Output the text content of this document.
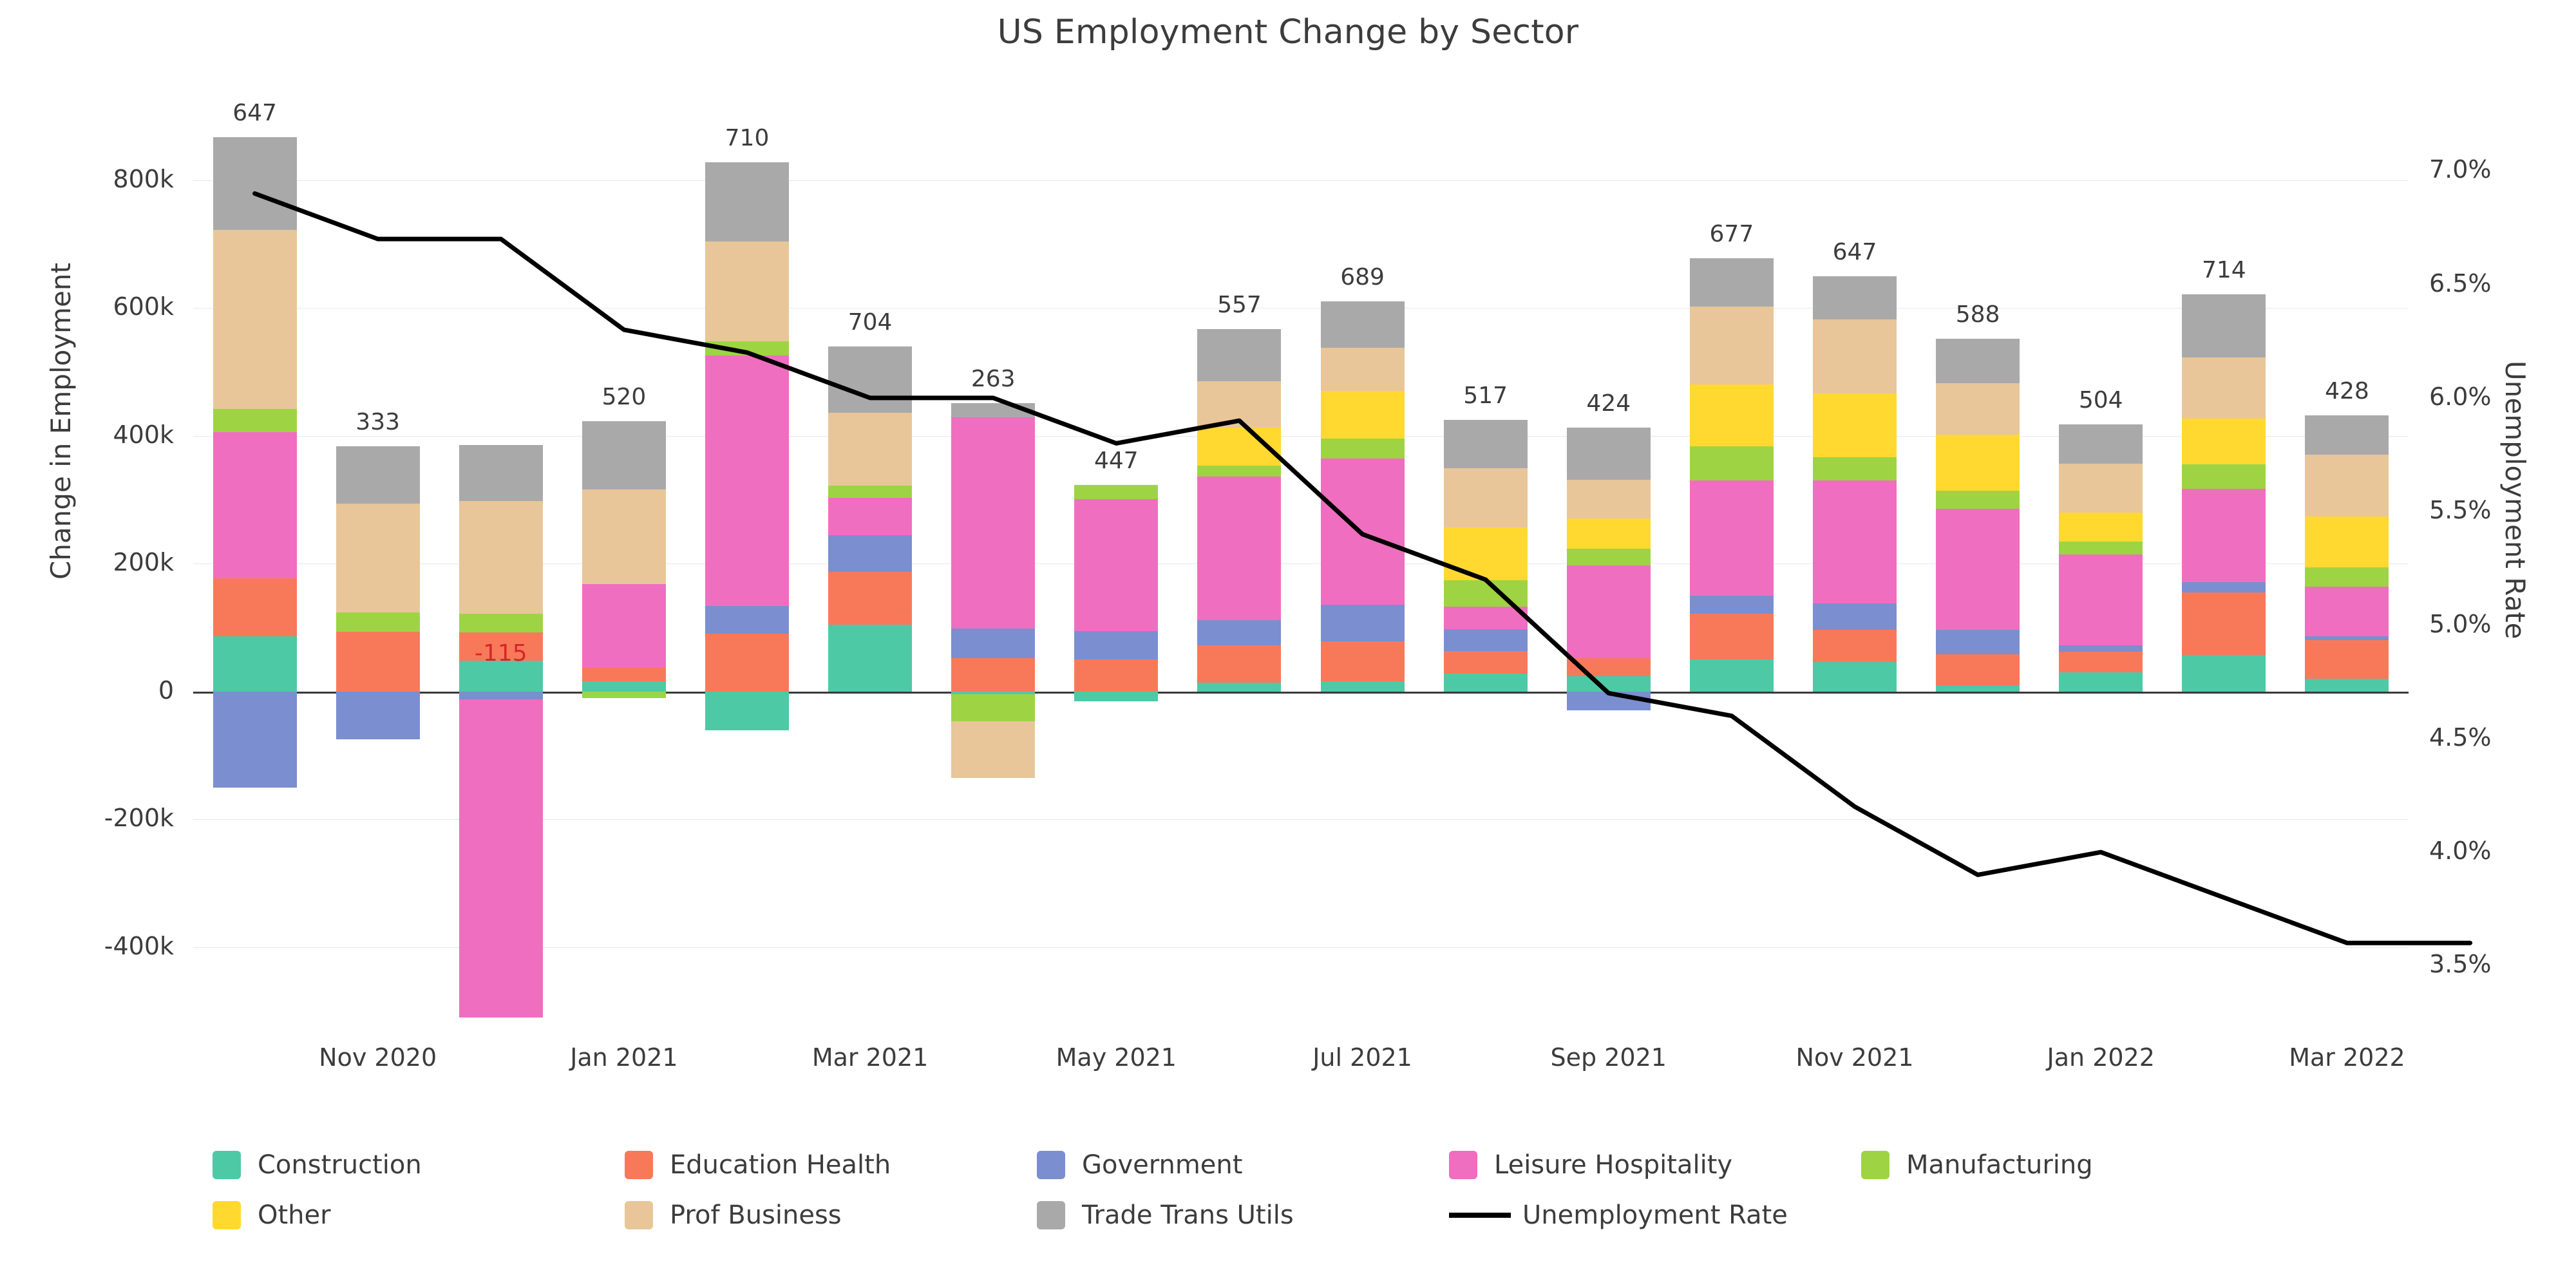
US Employment Change by Sector
Change in Employment	Unemployment Rate
Construction	Education Health	Government	Leisure Hospitality	Manufacturing
Other	Prof Business	Trade Trans Utils	Unemployment Rate
-400k
-200k
0
200k
400k
600k
800k
3.5%
4.0%
4.5%
5.0%
5.5%
6.0%
6.5%
7.0%
647
333
-115
520
710
704
263
447
557
689
517	424
677
647
588
504
714
428
Nov 2020	Jan 2021	Mar 2021	May 2021	Jul 2021	Sep 2021	Nov 2021	Jan 2022	Mar 2022
